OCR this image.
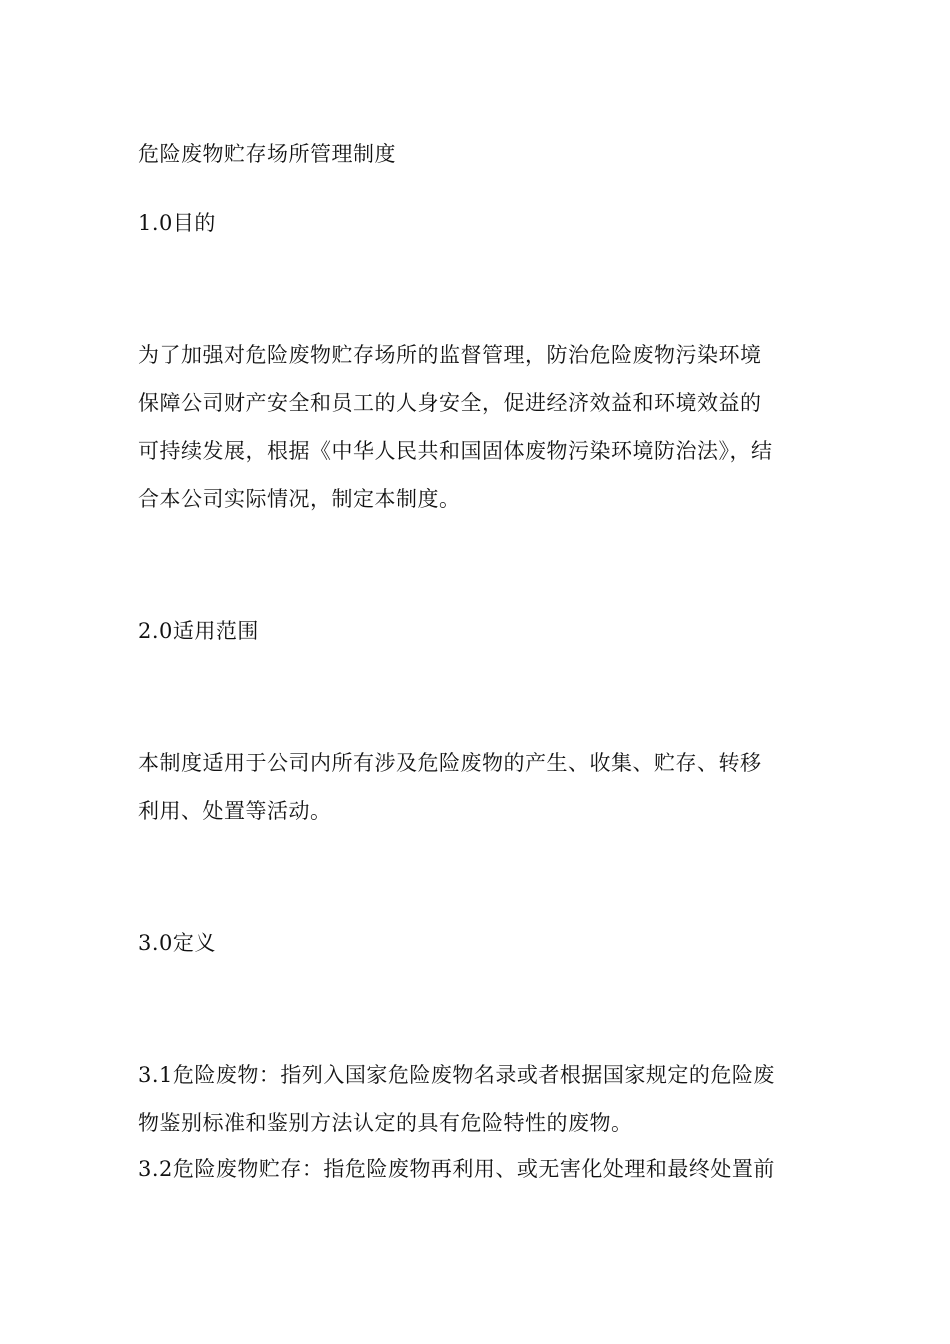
危险废物贮存场所管理制度
1.0目的
为了加强对危险废物贮存场所的监督管理，防治危险废物污染环境
保障公司财产安全和员工的人身安全，促进经济效益和环境效益的
可持续发展，根据《中华人民共和国固体废物污染环境防治法》，结
合本公司实际情况，制定本制度。
2.0适用范围
本制度适用于公司内所有涉及危险废物的产生、收集、贮存、转移
利用、处置等活动。
3.0定义
3.1危险废物：指列入国家危险废物名录或者根据国家规定的危险废
物鉴别标准和鉴别方法认定的具有危险特性的废物。
3.2危险废物贮存：指危险废物再利用、或无害化处理和最终处置前
